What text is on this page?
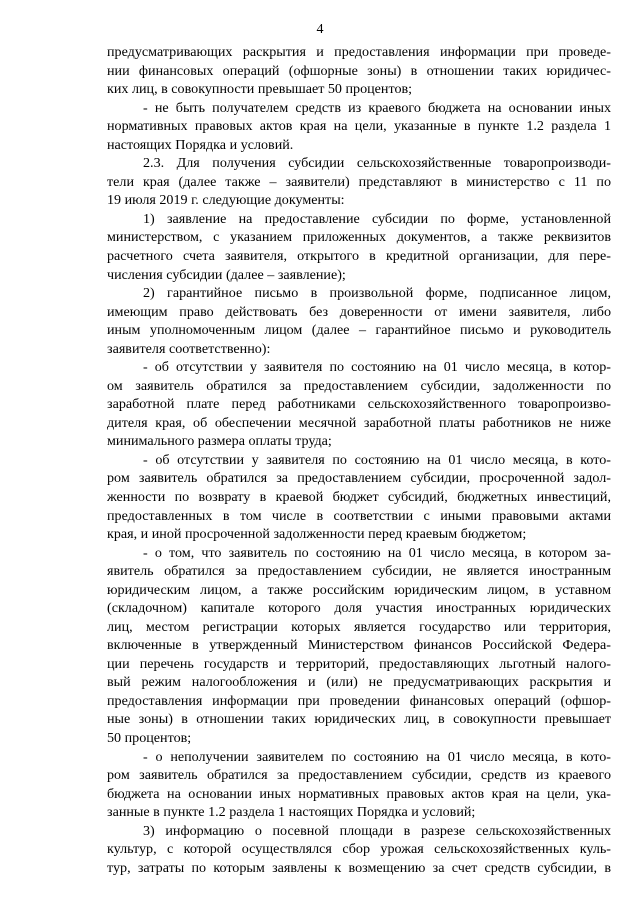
4
предусматривающих раскрытия и предоставления информации при проведе-
нии финансовых операций (офшорные зоны) в отношении таких юридичес-
ких лиц, в совокупности превышает 50 процентов;
- не быть получателем средств из краевого бюджета на основании иных
нормативных правовых актов края на цели, указанные в пункте 1.2 раздела 1
настоящих Порядка и условий.
2.3. Для получения субсидии сельскохозяйственные товаропроизводи-
тели края (далее также – заявители) представляют в министерство с 11 по
19 июля 2019 г. следующие документы:
1) заявление на предоставление субсидии по форме, установленной
министерством, с указанием приложенных документов, а также реквизитов
расчетного счета заявителя, открытого в кредитной организации, для пере-
числения субсидии (далее – заявление);
2) гарантийное письмо в произвольной форме, подписанное лицом,
имеющим право действовать без доверенности от имени заявителя, либо
иным уполномоченным лицом (далее – гарантийное письмо и руководитель
заявителя соответственно):
- об отсутствии у заявителя по состоянию на 01 число месяца, в котор-
ом заявитель обратился за предоставлением субсидии, задолженности по
заработной плате перед работниками сельскохозяйственного товаропроизво-
дителя края, об обеспечении месячной заработной платы работников не ниже
минимального размера оплаты труда;
- об отсутствии у заявителя по состоянию на 01 число месяца, в кото-
ром заявитель обратился за предоставлением субсидии, просроченной задол-
женности по возврату в краевой бюджет субсидий, бюджетных инвестиций,
предоставленных в том числе в соответствии с иными правовыми актами
края, и иной просроченной задолженности перед краевым бюджетом;
- о том, что заявитель по состоянию на 01 число месяца, в котором за-
явитель обратился за предоставлением субсидии, не является иностранным
юридическим лицом, а также российским юридическим лицом, в уставном
(складочном) капитале которого доля участия иностранных юридических
лиц, местом регистрации которых является государство или территория,
включенные в утвержденный Министерством финансов Российской Федера-
ции перечень государств и территорий, предоставляющих льготный налого-
вый режим налогообложения и (или) не предусматривающих раскрытия и
предоставления информации при проведении финансовых операций (офшор-
ные зоны) в отношении таких юридических лиц, в совокупности превышает
50 процентов;
- о неполучении заявителем по состоянию на 01 число месяца, в кото-
ром заявитель обратился за предоставлением субсидии, средств из краевого
бюджета на основании иных нормативных правовых актов края на цели, ука-
занные в пункте 1.2 раздела 1 настоящих Порядка и условий;
3) информацию о посевной площади в разрезе сельскохозяйственных
культур, с которой осуществлялся сбор урожая сельскохозяйственных куль-
тур, затраты по которым заявлены к возмещению за счет средств субсидии, в
